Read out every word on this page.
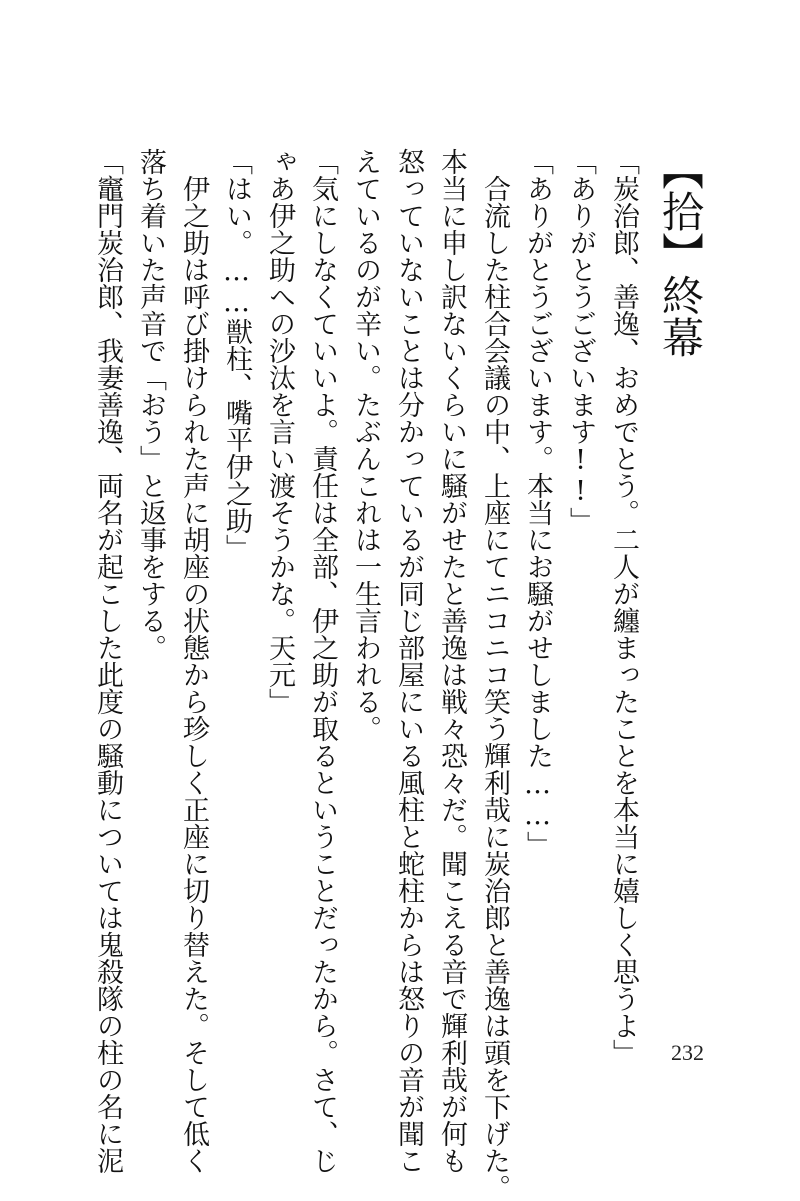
【拾】終幕
「炭治郎、善逸、おめでとう。二人が纏まったことを本当に嬉しく思うよ」
「ありがとうございます!!」
「ありがとうございます。本当にお騒がせしました……」
　合流した柱合会議の中、上座にてニコニコ笑う輝利哉に炭治郎と善逸は頭を下げた。
本当に申し訳ないくらいに騒がせたと善逸は戦々恐々だ。聞こえる音で輝利哉が何も
怒っていないことは分かっているが同じ部屋にいる風柱と蛇柱からは怒りの音が聞こ
えているのが辛い。たぶんこれは一生言われる。
「気にしなくていいよ。責任は全部、伊之助が取るということだったから。さて、じ
ゃあ伊之助への沙汰を言い渡そうかな。天元」
「はい。……獣柱、嘴平伊之助」
　伊之助は呼び掛けられた声に胡座の状態から珍しく正座に切り替えた。そして低く
落ち着いた声音で「おう」と返事をする。
「竈門炭治郎、我妻善逸、両名が起こした此度の騒動については鬼殺隊の柱の名に泥	232
